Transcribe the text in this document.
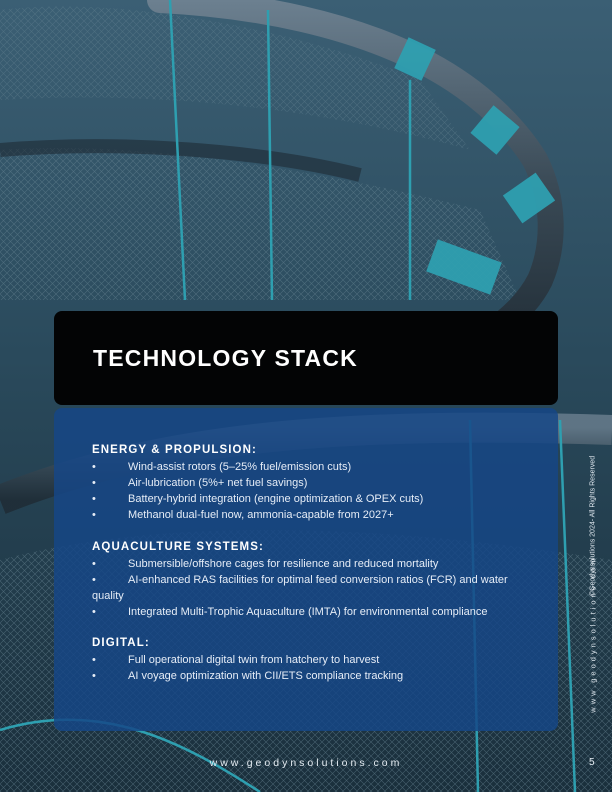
TECHNOLOGY STACK
ENERGY & PROPULSION:
•	Wind-assist rotors (5–25% fuel/emission cuts)
•	Air-lubrication (5%+ net fuel savings)
•	Battery-hybrid integration (engine optimization & OPEX cuts)
•	Methanol dual-fuel now, ammonia-capable from 2027+
AQUACULTURE SYSTEMS:
•	Submersible/offshore cages for resilience and reduced mortality
•	AI-enhanced RAS facilities for optimal feed conversion ratios (FCR) and water quality
•	Integrated Multi-Trophic Aquaculture (IMTA) for environmental compliance
DIGITAL:
•	Full operational digital twin from hatchery to harvest
•	AI voyage optimization with CII/ETS compliance tracking
©Geodynsolutions 2024- All Rights Reserved
www.geodynsolutions.com
www.geodynsolutions.com	5
